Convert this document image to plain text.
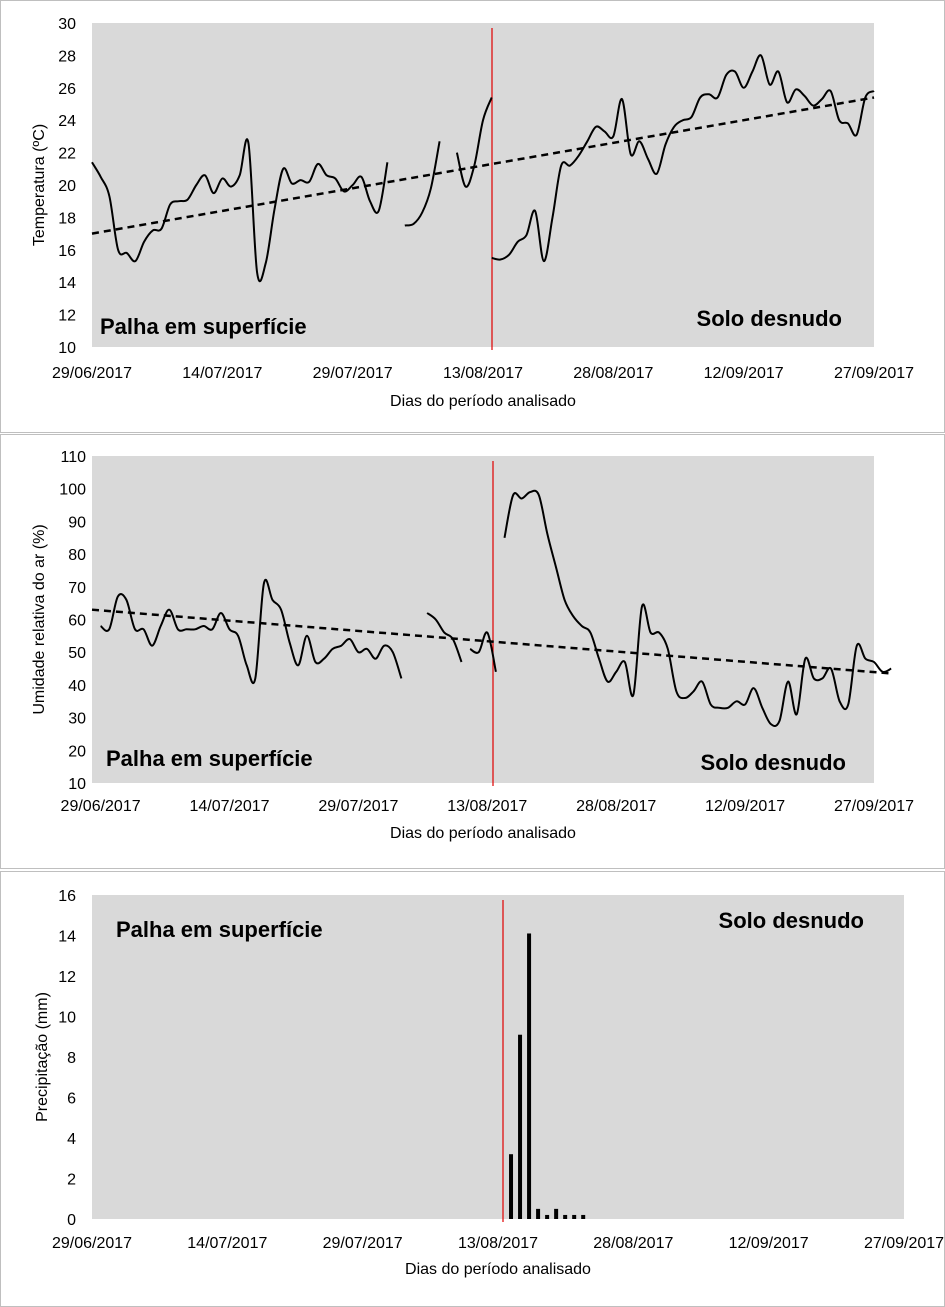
10
12
14
16
18
20
22
24
26
28
30
29/06/2017	14/07/2017	29/07/2017	13/08/2017	28/08/2017	12/09/2017	27/09/2017
Dias do período analisado
Temperatura (ºC)
Palha em superfície	Solo desnudo
10
20
30
40
50
60
70
80
90
100
110
29/06/2017	14/07/2017	29/07/2017	13/08/2017	28/08/2017	12/09/2017	27/09/2017
Dias do período analisado
Umidade relativa do ar (%)
Palha em superfície	Solo desnudo
0
2
4
6
8
10
12
14
16
29/06/2017	14/07/2017	29/07/2017	13/08/2017	28/08/2017	12/09/2017	27/09/2017
Dias do período analisado
Precipitação (mm)
Palha em superfície	Solo desnudo
